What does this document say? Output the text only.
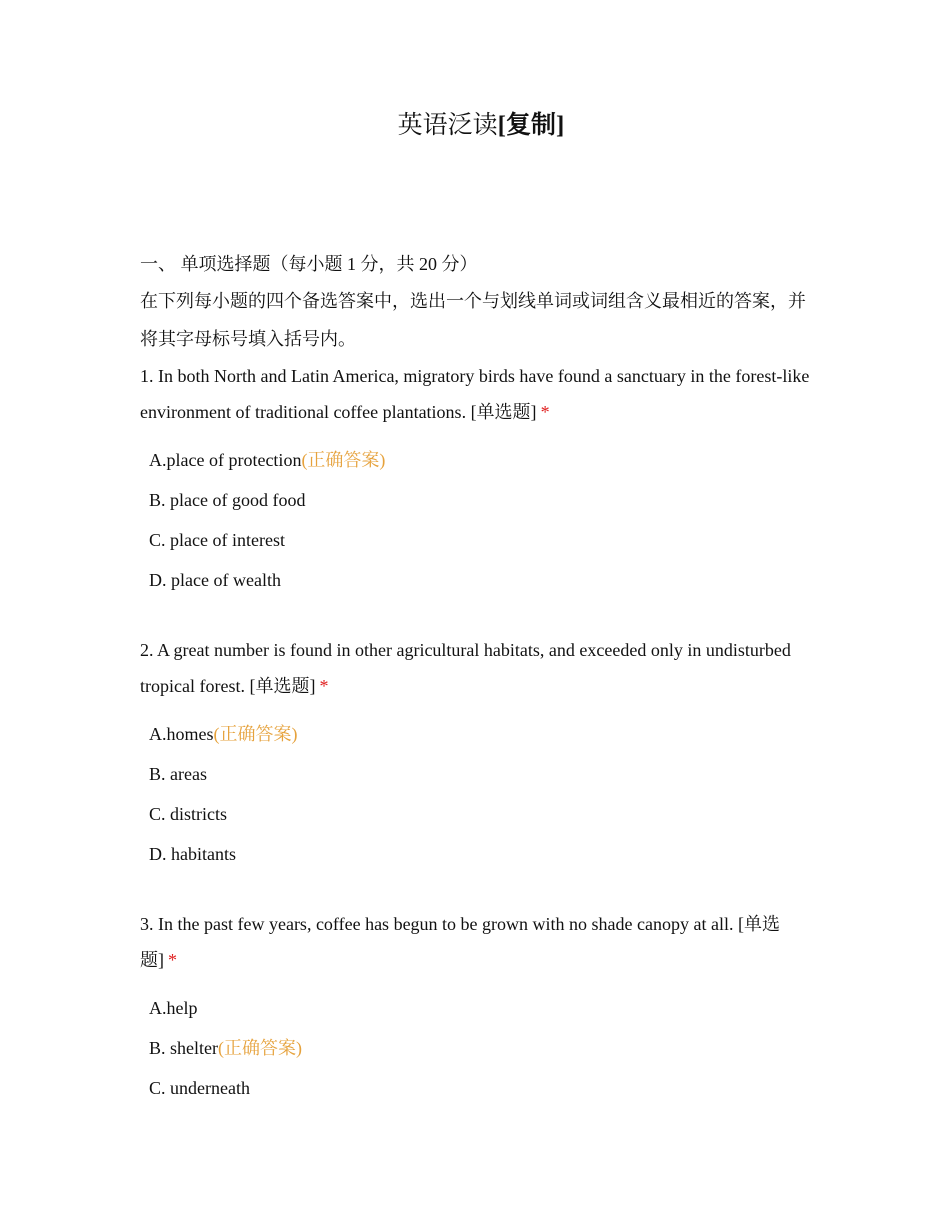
英语泛读[复制]
一、 单项选择题（每小题 1 分，共 20 分）
在下列每小题的四个备选答案中，选出一个与划线单词或词组含义最相近的答案，并将其字母标号填入括号内。
1. In both North and Latin America, migratory birds have found a sanctuary in the forest-like environment of traditional coffee plantations. [单选题] *
A.place of protection(正确答案)
B. place of good food
C. place of interest
D. place of wealth
2. A great number is found in other agricultural habitats, and exceeded only in undisturbed tropical forest. [单选题] *
A.homes(正确答案)
B. areas
C. districts
D. habitants
3. In the past few years, coffee has begun to be grown with no shade canopy at all. [单选题] *
A.help
B. shelter(正确答案)
C. underneath
